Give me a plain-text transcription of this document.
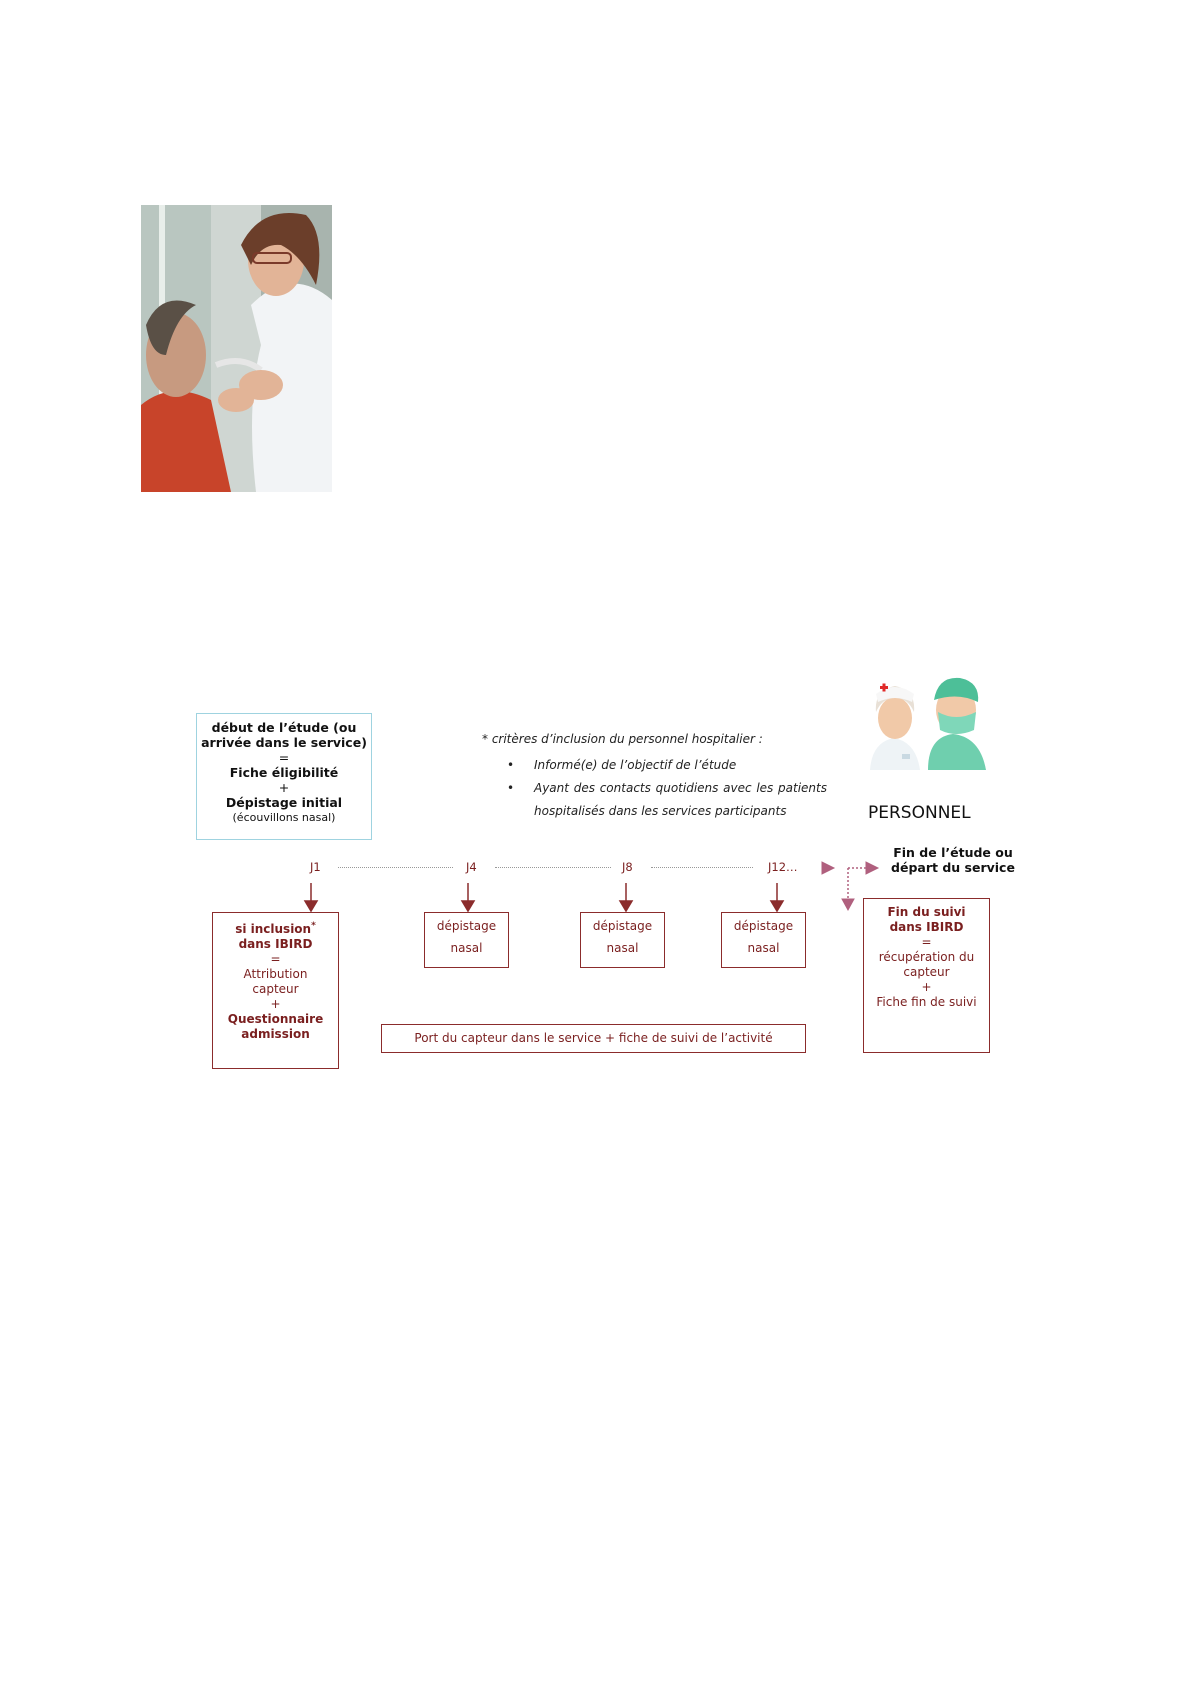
début de l’étude (ou
arrivée dans le service)
=
Fiche éligibilité
+
Dépistage initial
(écouvillons nasal)
* critères d’inclusion du personnel hospitalier :
• Informé(e) de l’objectif de l’étude
• Ayant des contacts quotidiens avec les patients
hospitalisés dans les services participants	PERSONNEL
Fin de l’étude ou
départ du service
J1	J4	J8	J12…
si inclusion*
dans IBIRD
=
Attribution
capteur
+
Questionnaire
admission
dépistage
nasal
dépistage
nasal
dépistage
nasal
Port du capteur dans le service + fiche de suivi de l’activité
Fin du suivi
dans IBIRD
=
récupération du
capteur
+
Fiche fin de suivi
